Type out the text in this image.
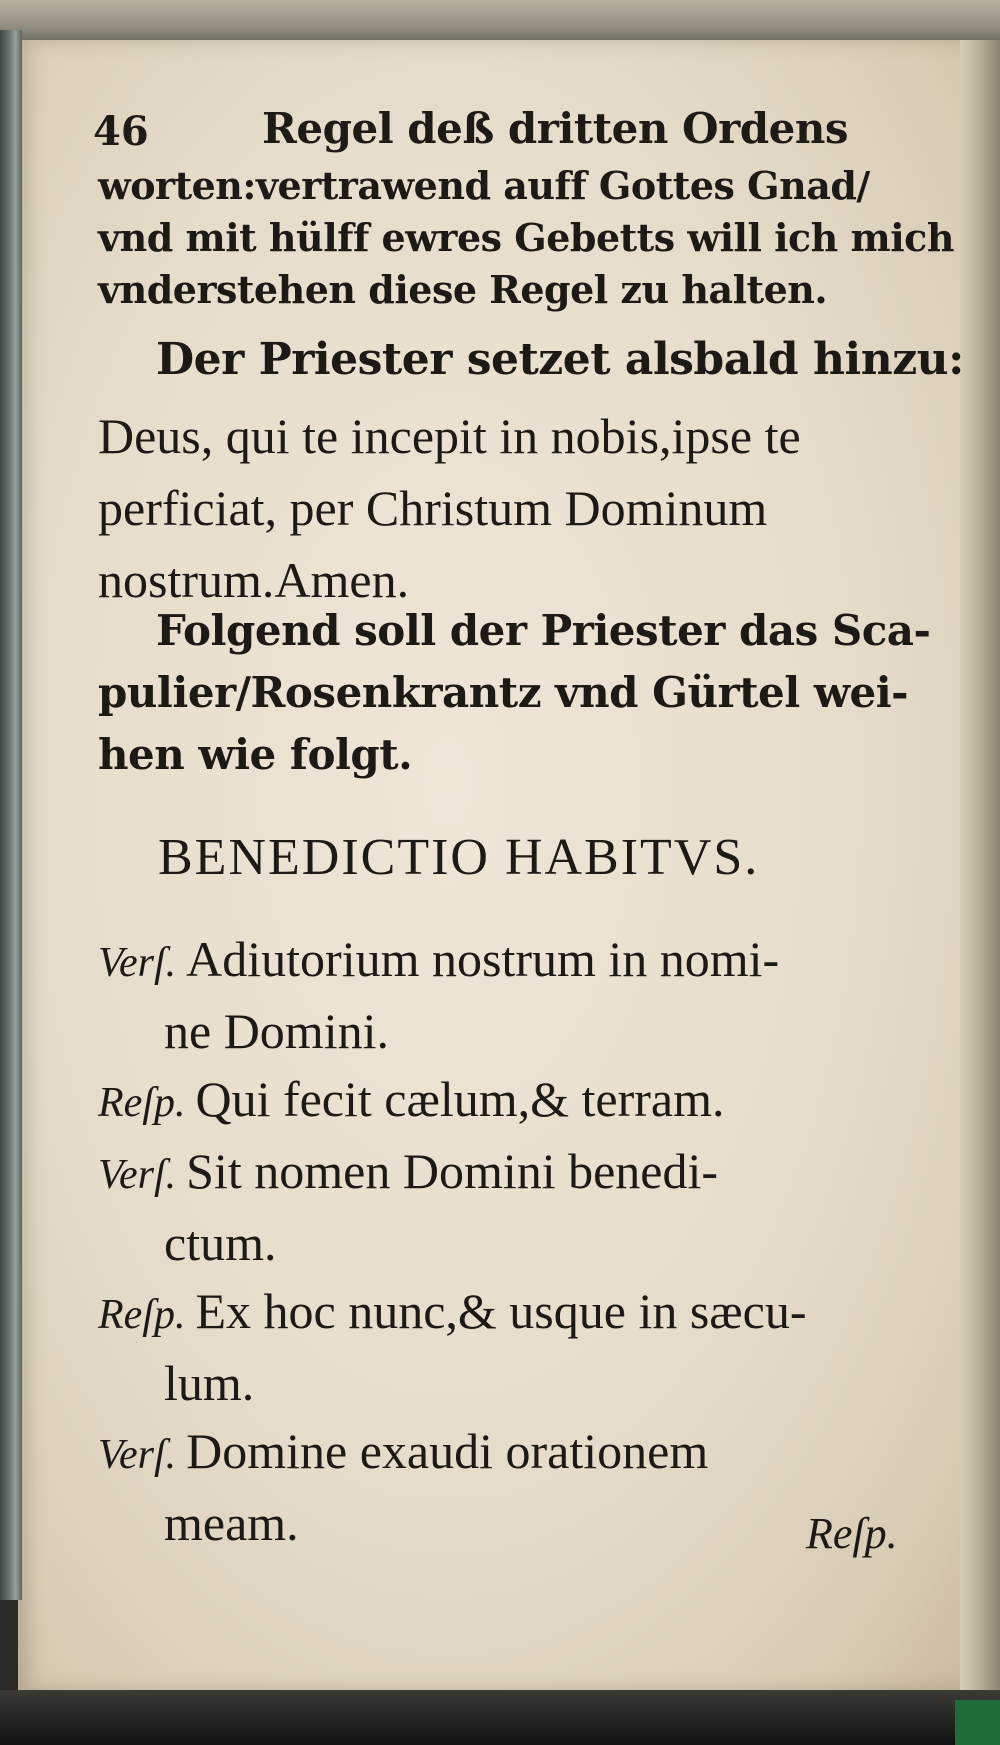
46	Regel deß dritten Ordens
worten:vertrawend auff Gottes Gnad/
vnd mit hülff ewres Gebetts will ich mich
vnderstehen diese Regel zu halten.
Der Priester setzet alsbald hinzu:
Deus, qui te incepit in nobis,ipse te
perficiat, per Christum Dominum
nostrum.Amen.
Folgend soll der Priester das Sca-
pulier/Rosenkrantz vnd Gürtel wei-
hen wie folgt.
BENEDICTIO HABITVS.
Verſ. Adiutorium nostrum in nomi-
ne Domini.
Reſp. Qui fecit cælum,& terram.
Verſ. Sit nomen Domini benedi-
ctum.
Reſp. Ex hoc nunc,& usque in sæcu-
lum.
Verſ. Domine exaudi orationem
meam.	Reſp.
